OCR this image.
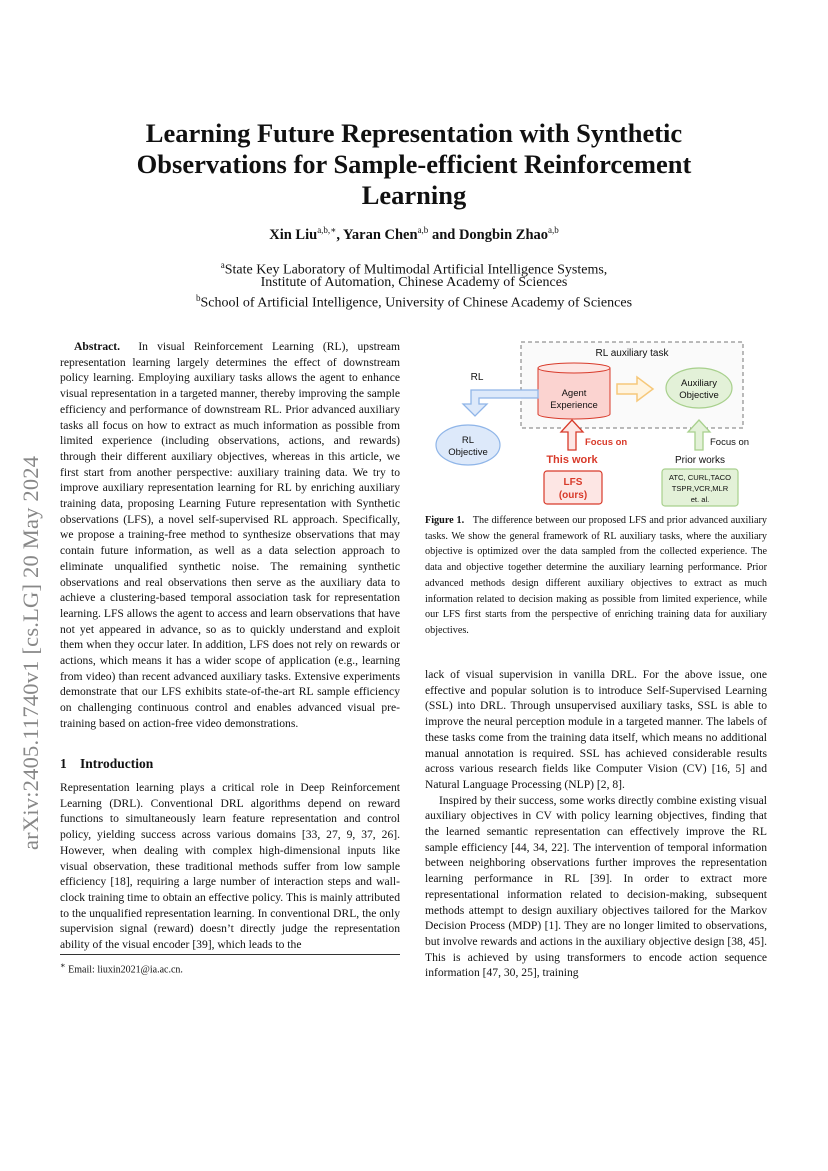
arXiv:2405.11740v1 [cs.LG] 20 May 2024
Learning Future Representation with Synthetic
Observations for Sample-efficient Reinforcement
Learning
Xin Liu$^{a,b,∗}$, Yaran Chen$^{a,b}$ and Dongbin Zhao$^{a,b}$
$^a$State Key Laboratory of Multimodal Artificial Intelligence Systems,
Institute of Automation, Chinese Academy of Sciences
$^b$School of Artificial Intelligence, University of Chinese Academy of Sciences

Abstract. In visual Reinforcement Learning (RL), upstream representation learning largely determines the effect of downstream policy learning. Employing auxiliary tasks allows the agent to enhance visual representation in a targeted manner, thereby improving the sample efficiency and performance of downstream RL. Prior advanced auxiliary tasks all focus on how to extract as much information as possible from limited experience (including observations, actions, and rewards) through their different auxiliary objectives, whereas in this article, we first start from another perspective: auxiliary training data. We try to improve auxiliary representation learning for RL by enriching auxiliary training data, proposing Learning Future representation with Synthetic observations (LFS), a novel self-supervised RL approach. Specifically, we propose a training-free method to synthesize observations that may contain future information, as well as a data selection approach to eliminate unqualified synthetic noise. The remaining synthetic observations and real observations then serve as the auxiliary data to achieve a clustering-based temporal association task for representation learning. LFS allows the agent to access and learn observations that have not yet appeared in advance, so as to quickly understand and exploit them when they occur later. In addition, LFS does not rely on rewards or actions, which means it has a wider scope of application (e.g., learning from video) than recent advanced auxiliary tasks. Extensive experiments demonstrate that our LFS exhibits state-of-the-art RL sample efficiency on challenging continuous control and enables advanced visual pre-training based on action-free video demonstrations.

1 Introduction

Representation learning plays a critical role in Deep Reinforcement Learning (DRL). Conventional DRL algorithms depend on reward functions to simultaneously learn feature representation and control policy, yielding success across various domains [33, 27, 9, 37, 26]. However, when dealing with complex high-dimensional inputs like visual observation, these traditional methods suffer from low sample efficiency [18], requiring a large number of interaction steps and wall-clock training time to obtain an effective policy. This is mainly attributed to the unqualified representation learning. In conventional DRL, the only supervision signal (reward) doesn’t directly judge the representation ability of the visual encoder [39], which leads to the

∗ Email: liuxin2021@ia.ac.cn.
RL auxiliary task
Agent
Experience
Auxiliary
Objective
RL
RL
Objective
Focus on
This work
LFS
(ours)
Focus on
Prior works
ATC, CURL,TACO
TSPR,VCR,MLR
et. al.
Figure 1. The difference between our proposed LFS and prior advanced auxiliary tasks. We show the general framework of RL auxiliary tasks, where the auxiliary objective is optimized over the data sampled from the collected experience. The data and objective together determine the auxiliary learning performance. Prior advanced methods design different auxiliary objectives to extract as much information related to decision making as possible from limited experience, while our LFS first starts from the perspective of enriching training data for auxiliary objectives.

lack of visual supervision in vanilla DRL. For the above issue, one effective and popular solution is to introduce Self-Supervised Learning (SSL) into DRL. Through unsupervised auxiliary tasks, SSL is able to improve the neural perception module in a targeted manner. The labels of these tasks come from the training data itself, which means no additional manual annotation is required. SSL has achieved considerable results across various research fields like Computer Vision (CV) [16, 5] and Natural Language Processing (NLP) [2, 8].

Inspired by their success, some works directly combine existing visual auxiliary objectives in CV with policy learning objectives, finding that the learned semantic representation can effectively improve the RL sample efficiency [44, 34, 22]. The intervention of temporal information between neighboring observations further improves the representation learning performance in RL [39]. In order to extract more representational information related to decision-making, subsequent methods attempt to design auxiliary objectives tailored for the Markov Decision Process (MDP) [1]. They are no longer limited to observations, but involve rewards and actions in the auxiliary objective design [38, 45]. This is achieved by using transformers to encode action sequence information [47, 30, 25], training
